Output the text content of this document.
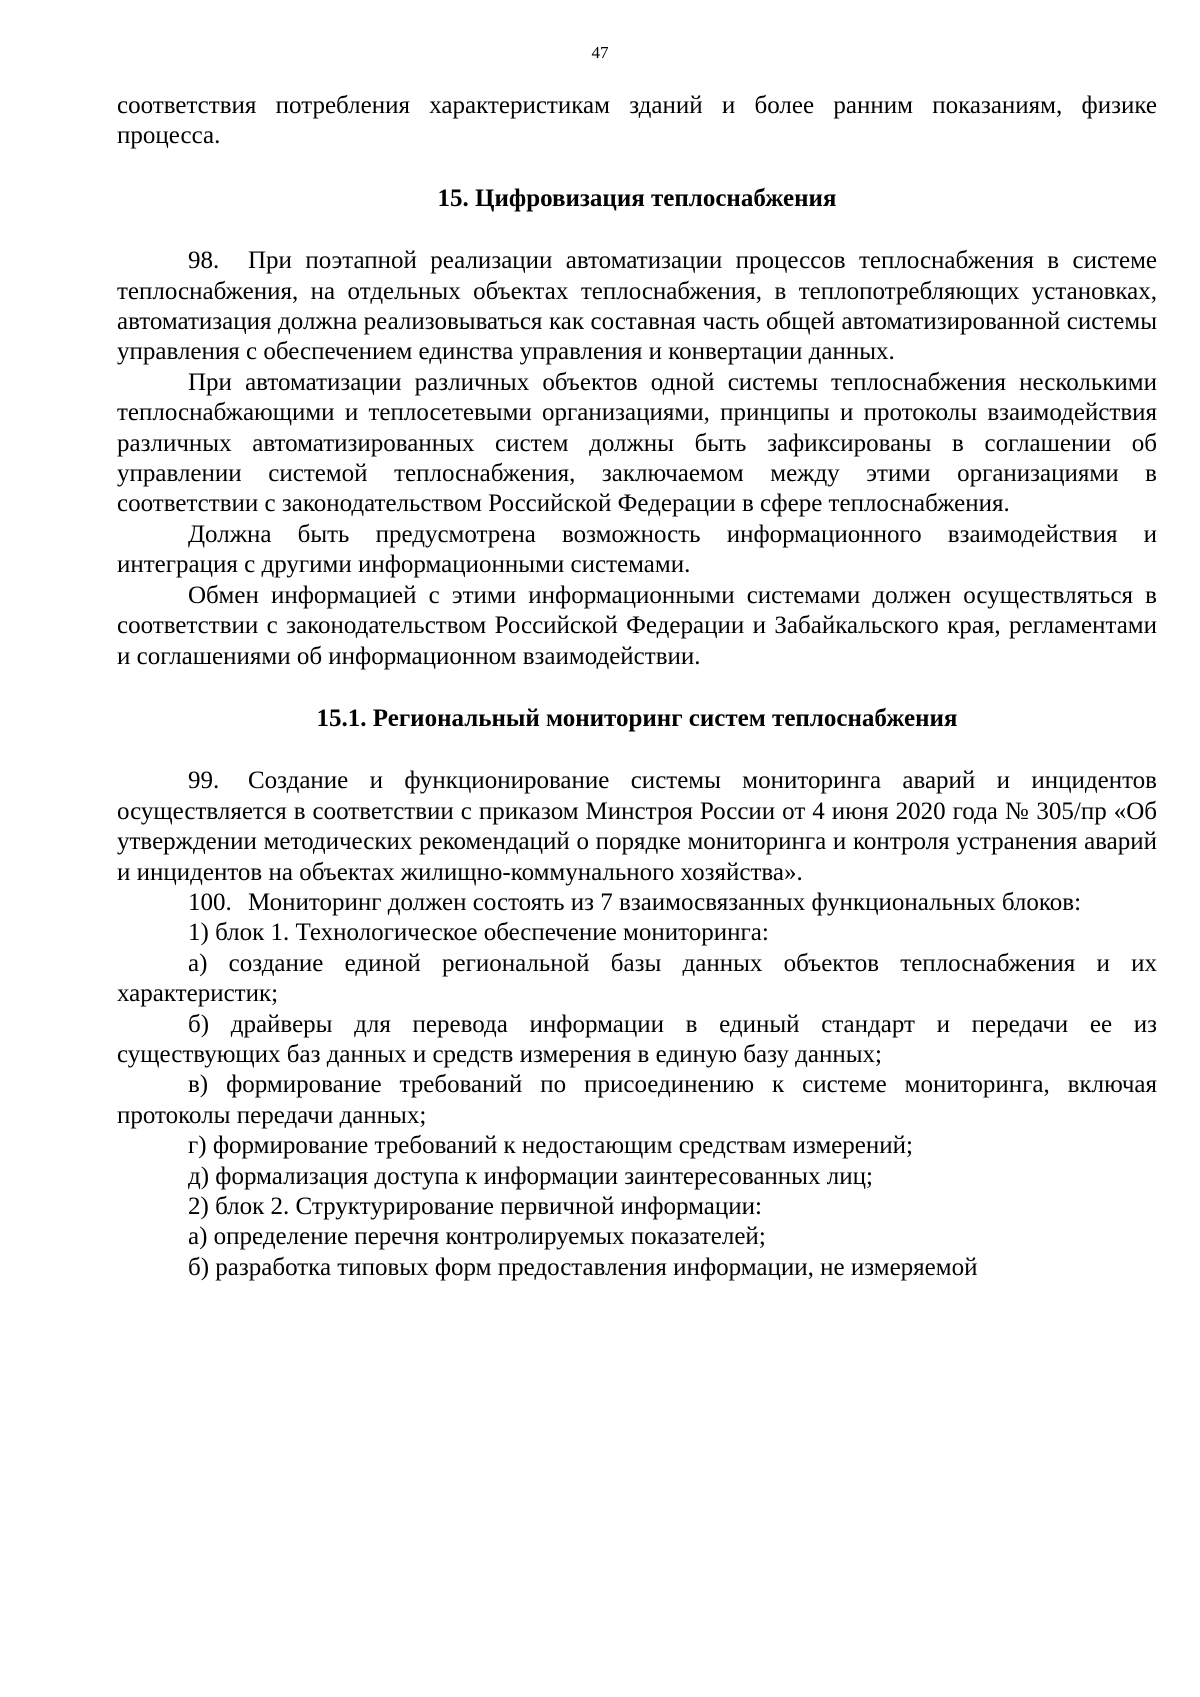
47

соответствия потребления характеристикам зданий и более ранним показаниям, физике процесса.

15. Цифровизация теплоснабжения

98. При поэтапной реализации автоматизации процессов теплоснабжения в системе теплоснабжения, на отдельных объектах теплоснабжения, в теплопотребляющих установках, автоматизация должна реализовываться как составная часть общей автоматизированной системы управления с обеспечением единства управления и конвертации данных.

При автоматизации различных объектов одной системы теплоснабжения несколькими теплоснабжающими и теплосетевыми организациями, принципы и протоколы взаимодействия различных автоматизированных систем должны быть зафиксированы в соглашении об управлении системой теплоснабжения, заключаемом между этими организациями в соответствии с законодательством Российской Федерации в сфере теплоснабжения.

Должна быть предусмотрена возможность информационного взаимодействия и интеграция с другими информационными системами.

Обмен информацией с этими информационными системами должен осуществляться в соответствии с законодательством Российской Федерации и Забайкальского края, регламентами и соглашениями об информационном взаимодействии.

15.1. Региональный мониторинг систем теплоснабжения

99. Создание и функционирование системы мониторинга аварий и инцидентов осуществляется в соответствии с приказом Минстроя России от 4 июня 2020 года № 305/пр «Об утверждении методических рекомендаций о порядке мониторинга и контроля устранения аварий и инцидентов на объектах жилищно-коммунального хозяйства».

100. Мониторинг должен состоять из 7 взаимосвязанных функциональных блоков:

1) блок 1. Технологическое обеспечение мониторинга:

а) создание единой региональной базы данных объектов теплоснабжения и их характеристик;

б) драйверы для перевода информации в единый стандарт и передачи ее из существующих баз данных и средств измерения в единую базу данных;

в) формирование требований по присоединению к системе мониторинга, включая протоколы передачи данных;

г) формирование требований к недостающим средствам измерений;

д) формализация доступа к информации заинтересованных лиц;

2) блок 2. Структурирование первичной информации:

а) определение перечня контролируемых показателей;

б) разработка типовых форм предоставления информации, не измеряемой
